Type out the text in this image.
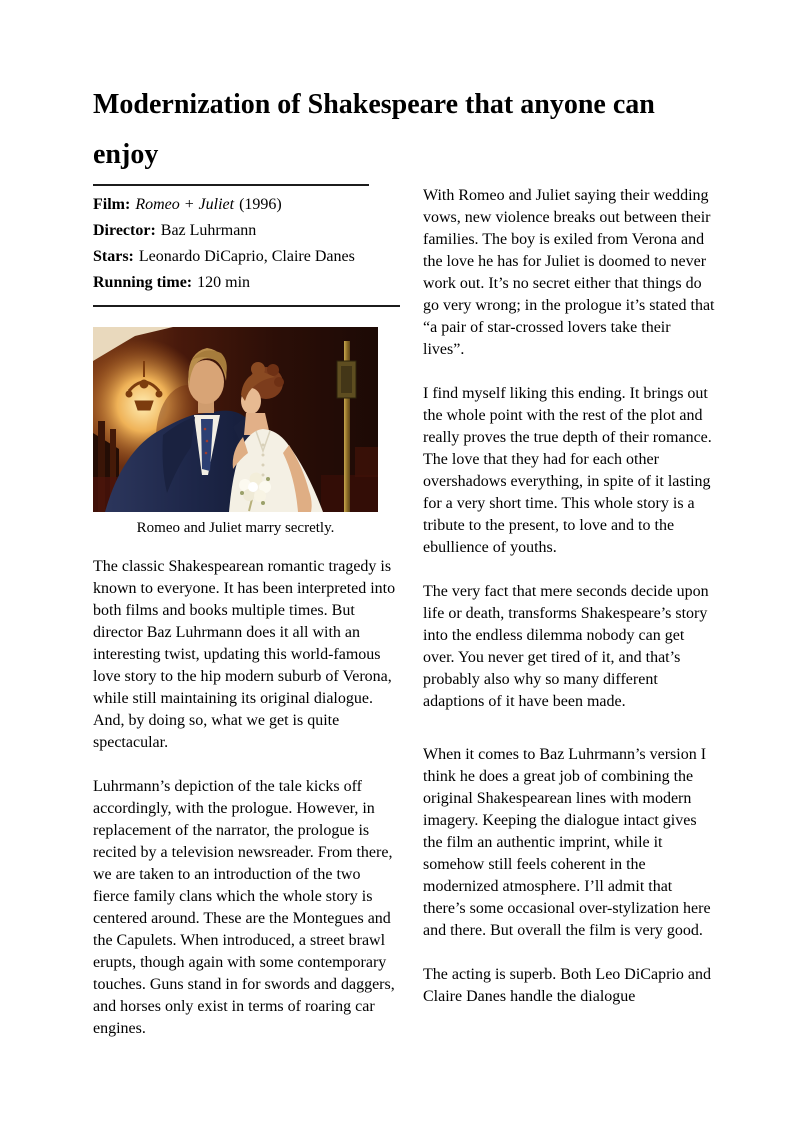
Modernization of Shakespeare that anyone can enjoy
Film: Romeo + Juliet (1996)
Director: Baz Luhrmann
Stars: Leonardo DiCaprio, Claire Danes
Running time: 120 min
Romeo and Juliet marry secretly.

The classic Shakespearean romantic tragedy is known to everyone. It has been interpreted into both films and books multiple times. But director Baz Luhrmann does it all with an interesting twist, updating this world-famous love story to the hip modern suburb of Verona, while still maintaining its original dialogue. And, by doing so, what we get is quite spectacular.

Luhrmann’s depiction of the tale kicks off accordingly, with the prologue. However, in replacement of the narrator, the prologue is recited by a television newsreader. From there, we are taken to an introduction of the two fierce family clans which the whole story is centered around. These are the Montegues and the Capulets. When introduced, a street brawl erupts, though again with some contemporary touches. Guns stand in for swords and daggers, and horses only exist in terms of roaring car engines.

With Romeo and Juliet saying their wedding vows, new violence breaks out between their families. The boy is exiled from Verona and the love he has for Juliet is doomed to never work out. It’s no secret either that things do go very wrong; in the prologue it’s stated that “a pair of star-crossed lovers take their lives”.

I find myself liking this ending. It brings out the whole point with the rest of the plot and really proves the true depth of their romance. The love that they had for each other overshadows everything, in spite of it lasting for a very short time. This whole story is a tribute to the present, to love and to the ebullience of youths.

The very fact that mere seconds decide upon life or death, transforms Shakespeare’s story into the endless dilemma nobody can get over. You never get tired of it, and that’s probably also why so many different adaptions of it have been made.

When it comes to Baz Luhrmann’s version I think he does a great job of combining the original Shakespearean lines with modern imagery. Keeping the dialogue intact gives the film an authentic imprint, while it somehow still feels coherent in the modernized atmosphere. I’ll admit that there’s some occasional over-stylization here and there. But overall the film is very good.

The acting is superb. Both Leo DiCaprio and Claire Danes handle the dialogue
